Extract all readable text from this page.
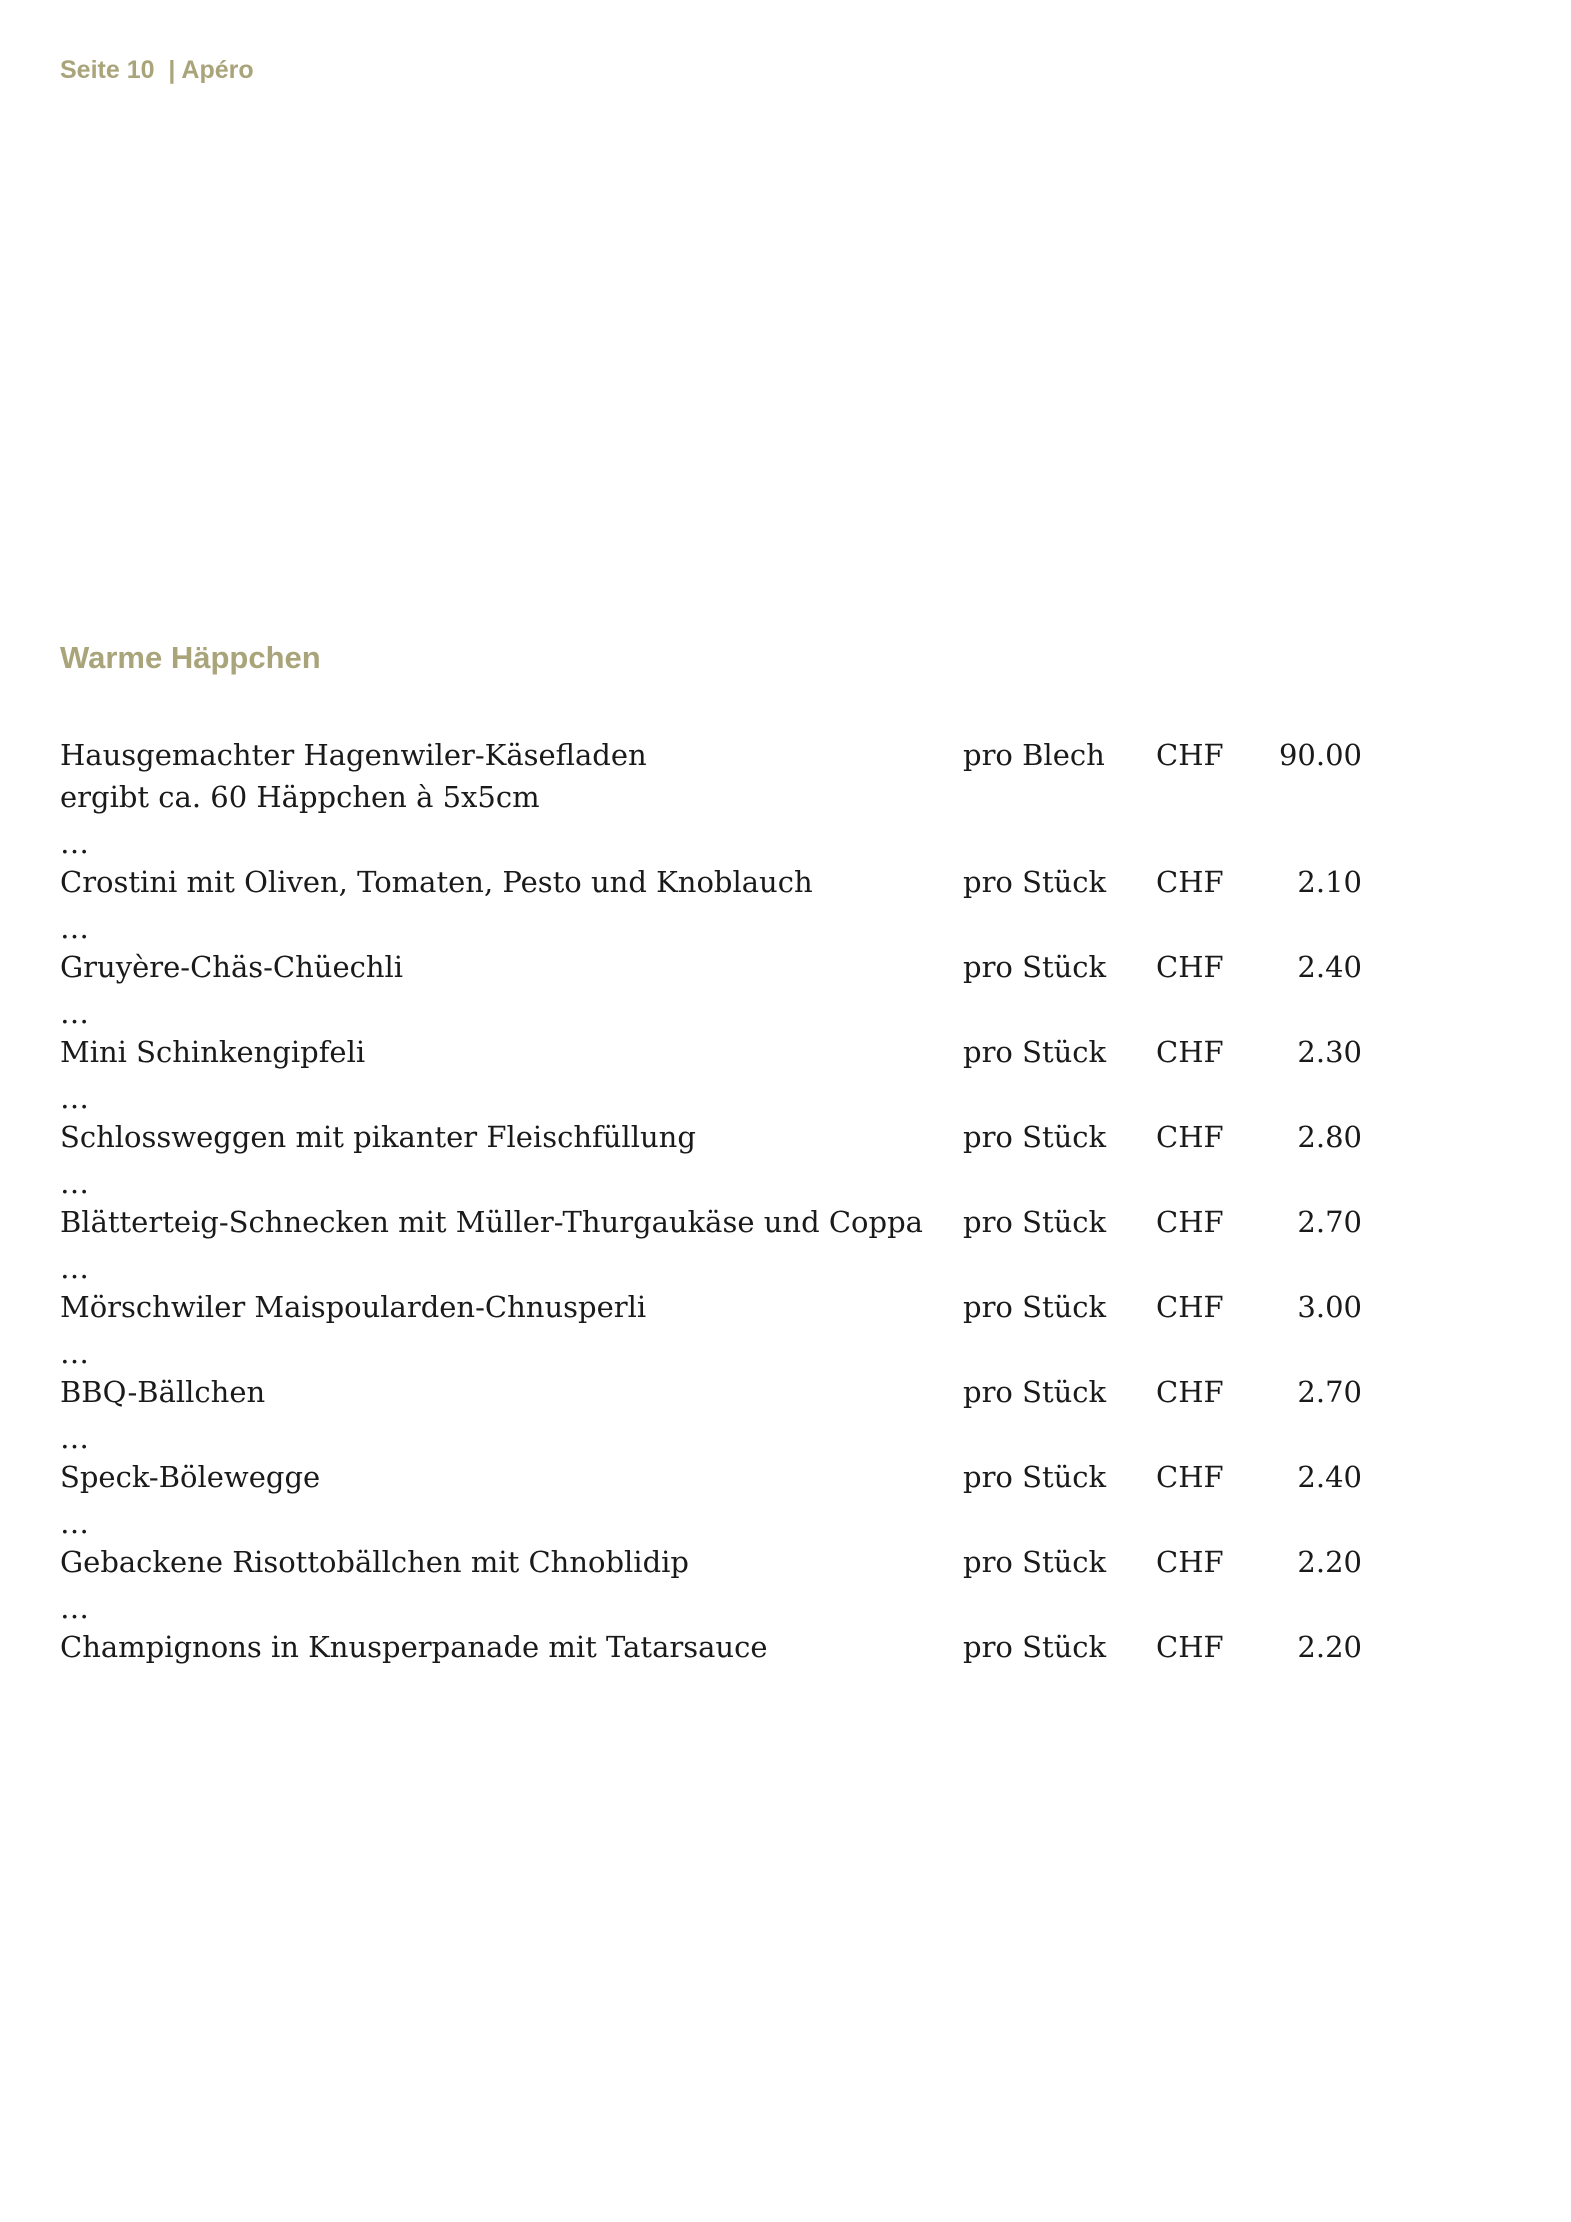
Seite 10  | Apéro
Warme Häppchen
Hausgemachter Hagenwiler-Käsefladen	pro Blech CHF	90.00
ergibt ca. 60 Häppchen à 5x5cm
…
Crostini mit Oliven, Tomaten, Pesto und Knoblauch	pro Stück CHF	2.10
…
Gruyère-Chäs-Chüechli	pro Stück CHF	2.40
…
Mini Schinkengipfeli	pro Stück CHF	2.30
…
Schlossweggen mit pikanter Fleischfüllung	pro Stück CHF	2.80
…
Blätterteig-Schnecken mit Müller-Thurgaukäse und Coppa pro Stück CHF	2.70
…
Mörschwiler Maispoularden-Chnusperli	pro Stück CHF	3.00
…
BBQ-Bällchen	pro Stück CHF	2.70
…
Speck-Bölewegge	pro Stück CHF	2.40
…
Gebackene Risottobällchen mit Chnoblidip	pro Stück CHF	2.20
…
Champignons in Knusperpanade mit Tatarsauce	pro Stück CHF	2.20
